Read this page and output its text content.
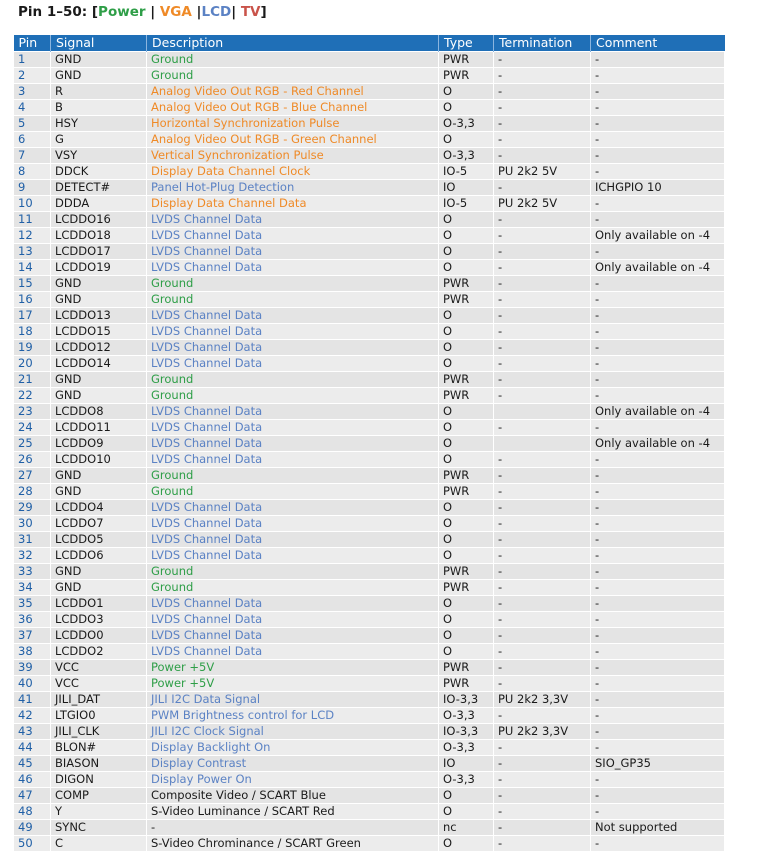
Pin 1–50: [Power | VGA |LCD| TV]
Pin	Signal	Description	Type	Termination	Comment
1	GND	Ground	PWR	-	-
2	GND	Ground	PWR	-	-
3	R	Analog Video Out RGB - Red Channel	O	-	-
4	B	Analog Video Out RGB - Blue Channel	O	-	-
5	HSY	Horizontal Synchronization Pulse	O-3,3	-	-
6	G	Analog Video Out RGB - Green Channel	O	-	-
7	VSY	Vertical Synchronization Pulse	O-3,3	-	-
8	DDCK	Display Data Channel Clock	IO-5	PU 2k2 5V	-
9	DETECT#	Panel Hot-Plug Detection	IO	-	ICHGPIO 10
10	DDDA	Display Data Channel Data	IO-5	PU 2k2 5V	-
11	LCDDO16	LVDS Channel Data	O	-	-
12	LCDDO18	LVDS Channel Data	O	-	Only available on -4
13	LCDDO17	LVDS Channel Data	O	-	-
14	LCDDO19	LVDS Channel Data	O	-	Only available on -4
15	GND	Ground	PWR	-	-
16	GND	Ground	PWR	-	-
17	LCDDO13	LVDS Channel Data	O	-	-
18	LCDDO15	LVDS Channel Data	O	-	-
19	LCDDO12	LVDS Channel Data	O	-	-
20	LCDDO14	LVDS Channel Data	O	-	-
21	GND	Ground	PWR	-	-
22	GND	Ground	PWR	-	-
23	LCDDO8	LVDS Channel Data	O		Only available on -4
24	LCDDO11	LVDS Channel Data	O	-	-
25	LCDDO9	LVDS Channel Data	O		Only available on -4
26	LCDDO10	LVDS Channel Data	O	-	-
27	GND	Ground	PWR	-	-
28	GND	Ground	PWR	-	-
29	LCDDO4	LVDS Channel Data	O	-	-
30	LCDDO7	LVDS Channel Data	O	-	-
31	LCDDO5	LVDS Channel Data	O	-	-
32	LCDDO6	LVDS Channel Data	O	-	-
33	GND	Ground	PWR	-	-
34	GND	Ground	PWR	-	-
35	LCDDO1	LVDS Channel Data	O	-	-
36	LCDDO3	LVDS Channel Data	O	-	-
37	LCDDO0	LVDS Channel Data	O	-	-
38	LCDDO2	LVDS Channel Data	O	-	-
39	VCC	Power +5V	PWR	-	-
40	VCC	Power +5V	PWR	-	-
41	JILI_DAT	JILI I2C Data Signal	IO-3,3	PU 2k2 3,3V	-
42	LTGIO0	PWM Brightness control for LCD	O-3,3	-	-
43	JILI_CLK	JILI I2C Clock Signal	IO-3,3	PU 2k2 3,3V	-
44	BLON#	Display Backlight On	O-3,3	-	-
45	BIASON	Display Contrast	IO	-	SIO_GP35
46	DIGON	Display Power On	O-3,3	-	-
47	COMP	Composite Video / SCART Blue	O	-	-
48	Y	S-Video Luminance / SCART Red	O	-	-
49	SYNC	-	nc	-	Not supported
50	C	S-Video Chrominance / SCART Green	O	-	-
